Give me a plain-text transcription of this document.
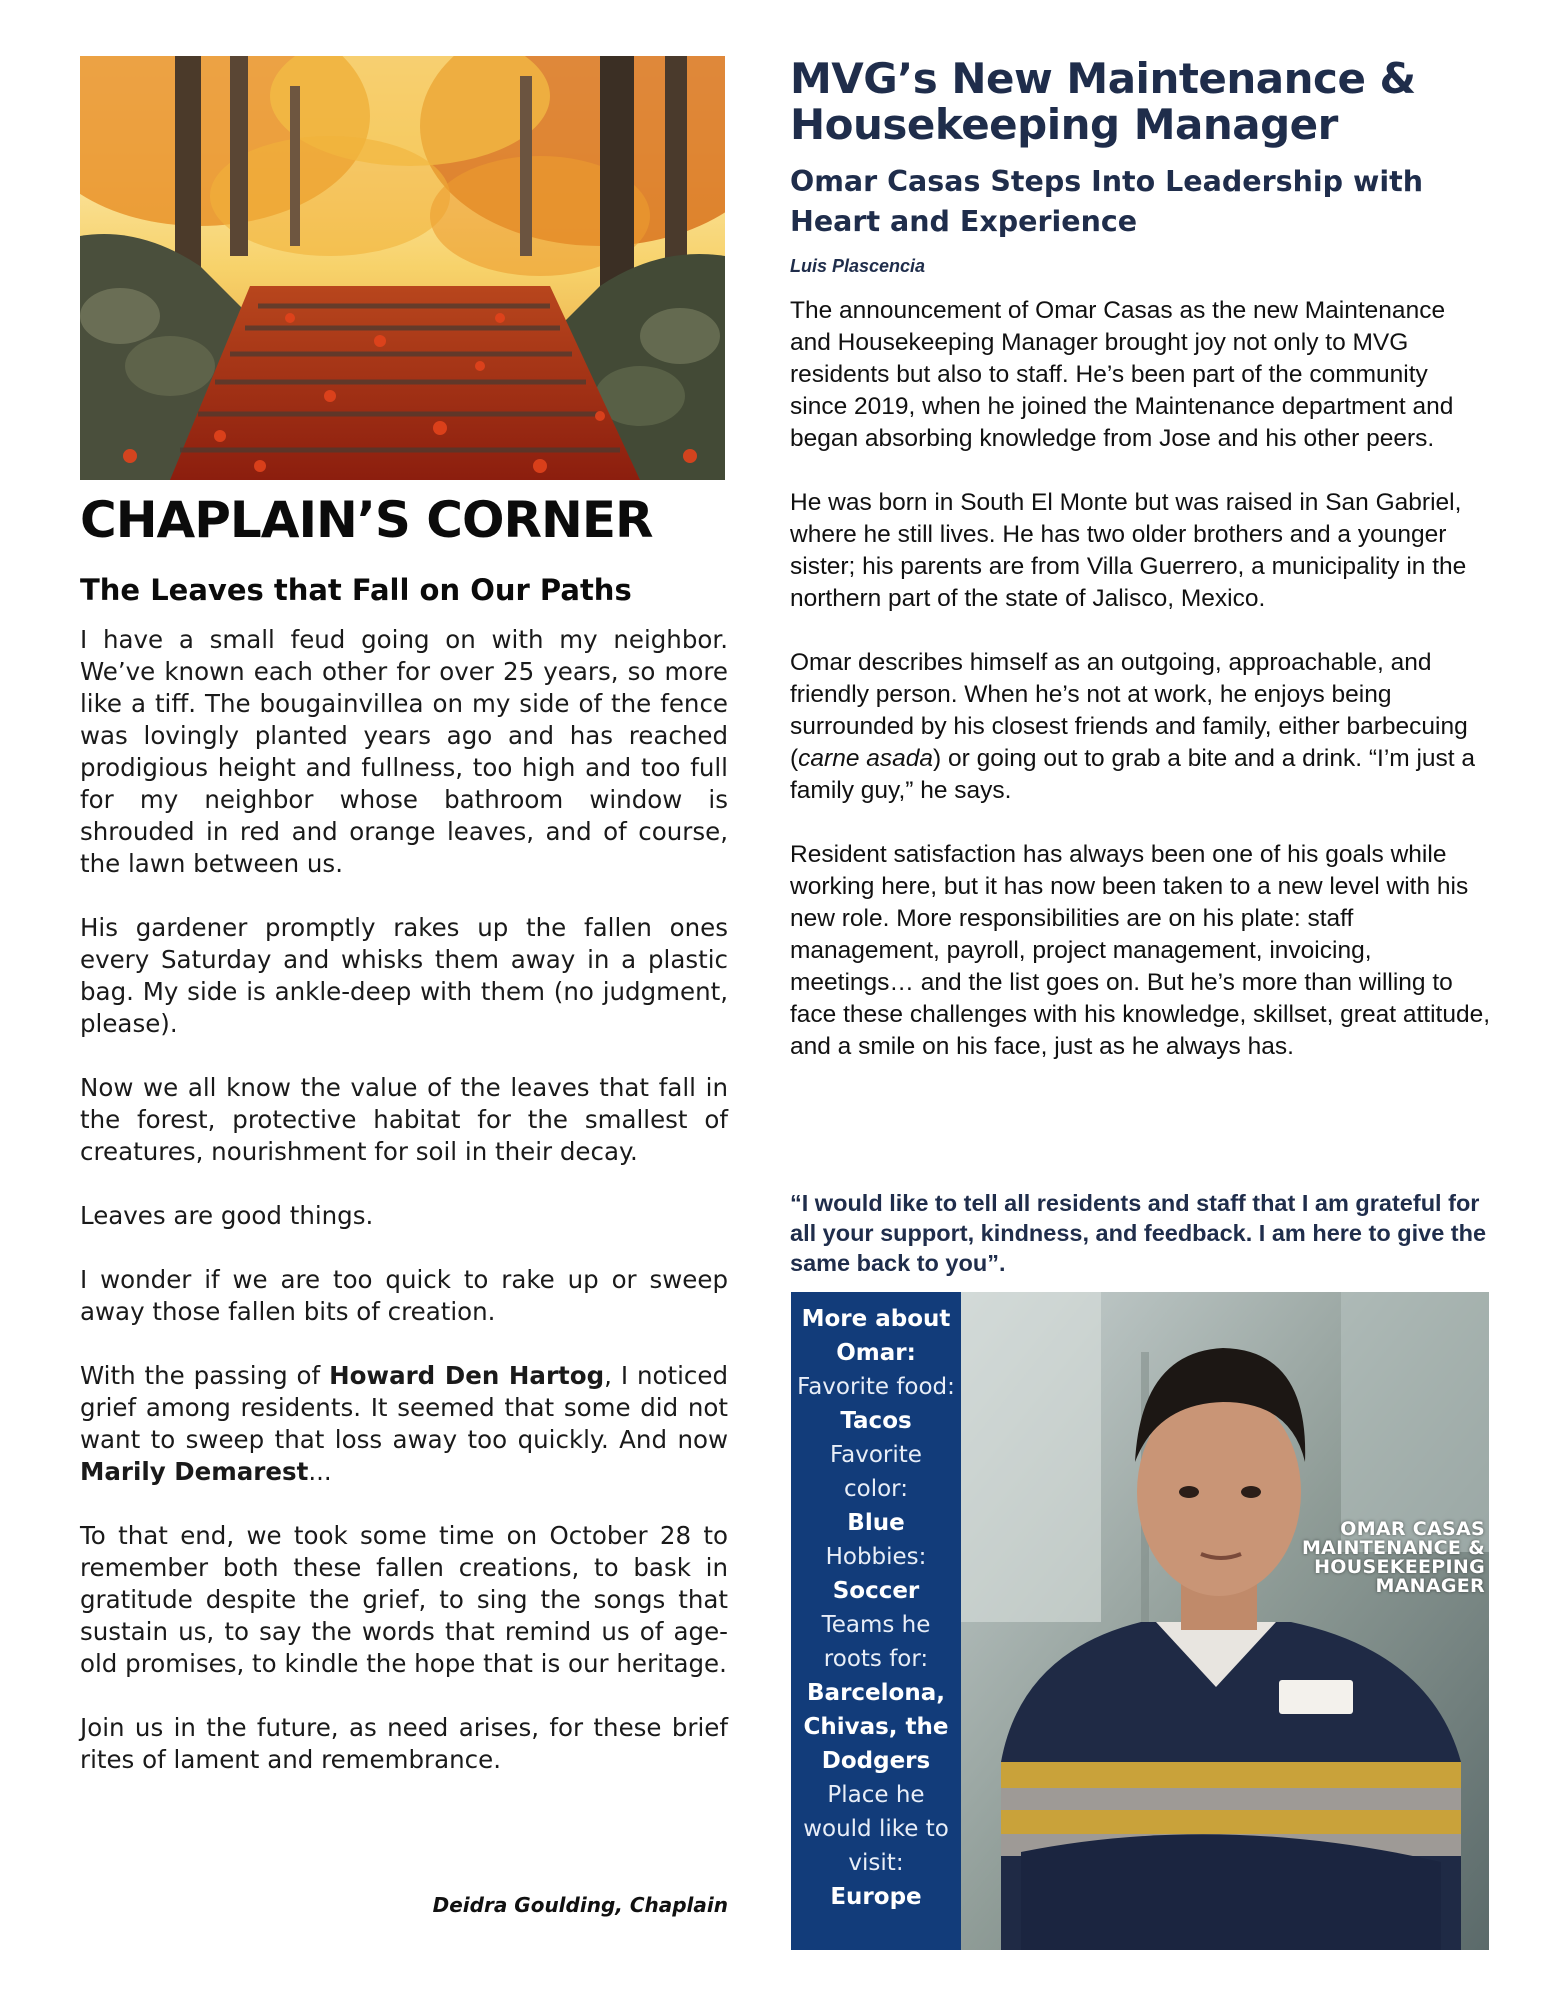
CHAPLAIN’S CORNER
The Leaves that Fall on Our Paths

I have a small feud going on with my neighbor. We’ve known each other for over 25 years, so more like a tiff. The bougainvillea on my side of the fence was lovingly planted years ago and has reached prodigious height and fullness, too high and too full for my neighbor whose bathroom window is shrouded in red and orange leaves, and of course, the lawn between us.

His gardener promptly rakes up the fallen ones every Saturday and whisks them away in a plastic bag. My side is ankle-deep with them (no judgment, please).

Now we all know the value of the leaves that fall in the forest, protective habitat for the smallest of creatures, nourishment for soil in their decay.

Leaves are good things.

I wonder if we are too quick to rake up or sweep away those fallen bits of creation.

With the passing of Howard Den Hartog, I noticed grief among residents. It seemed that some did not want to sweep that loss away too quickly. And now Marily Demarest...

To that end, we took some time on October 28 to remember both these fallen creations, to bask in gratitude despite the grief, to sing the songs that sustain us, to say the words that remind us of age-old promises, to kindle the hope that is our heritage.

Join us in the future, as need arises, for these brief rites of lament and remembrance.

Deidra Goulding, Chaplain
MVG’s New Maintenance & Housekeeping Manager
Omar Casas Steps Into Leadership with Heart and Experience
Luis Plascencia

The announcement of Omar Casas as the new Maintenance and Housekeeping Manager brought joy not only to MVG residents but also to staff. He’s been part of the community since 2019, when he joined the Maintenance department and began absorbing knowledge from Jose and his other peers.

He was born in South El Monte but was raised in San Gabriel, where he still lives. He has two older brothers and a younger sister; his parents are from Villa Guerrero, a municipality in the northern part of the state of Jalisco, Mexico.

Omar describes himself as an outgoing, approachable, and friendly person. When he’s not at work, he enjoys being surrounded by his closest friends and family, either barbecuing (carne asada) or going out to grab a bite and a drink. “I’m just a family guy,” he says.

Resident satisfaction has always been one of his goals while working here, but it has now been taken to a new level with his new role. More responsibilities are on his plate: staff management, payroll, project management, invoicing, meetings… and the list goes on. But he’s more than willing to face these challenges with his knowledge, skillset, great attitude, and a smile on his face, just as he always has.

“I would like to tell all residents and staff that I am grateful for all your support, kindness, and feedback. I am here to give the same back to you”.
More about Omar:
Favorite food:
Tacos
Favorite color:
Blue
Hobbies:
Soccer
Teams he roots for:
Barcelona, Chivas, the Dodgers
Place he would like to visit:
Europe
OMAR CASAS
MAINTENANCE &
HOUSEKEEPING
MANAGER
